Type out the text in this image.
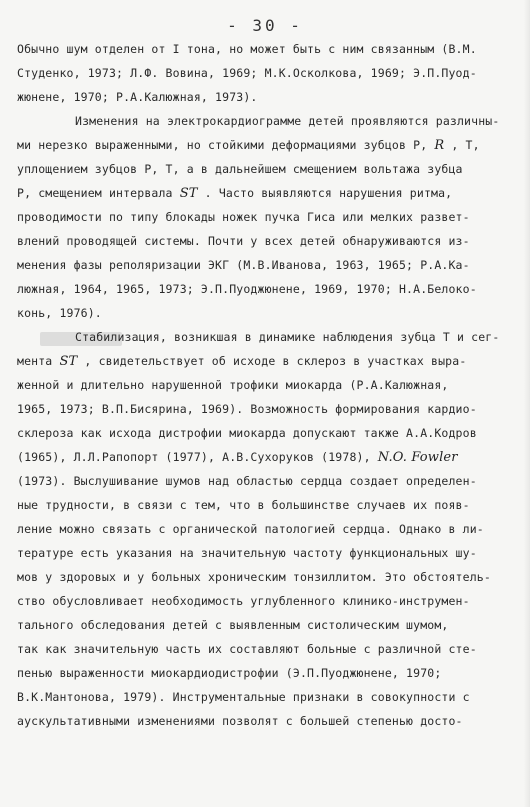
- 30 -
Обычно шум отделен от I тона, но может быть с ним связанным (В.М.
Студенко, 1973; Л.Ф. Вовина, 1969; М.К.Осколкова, 1969; Э.П.Пуод-
жюнене, 1970; Р.А.Калюжная, 1973).
Изменения на электрокардиограмме детей проявляются различны-
ми нерезко выраженными, но стойкими деформациями зубцов P, R , T,
уплощением зубцов P, T, а в дальнейшем смещением вольтажа зубца
P, смещением интервала ST . Часто выявляются нарушения ритма,
проводимости по типу блокады ножек пучка Гиса или мелких развет-
влений проводящей системы. Почти у всех детей обнаруживаются из-
менения фазы реполяризации ЭКГ (М.В.Иванова, 1963, 1965; Р.А.Ка-
люжная, 1964, 1965, 1973; Э.П.Пуоджюнене, 1969, 1970; Н.А.Белоко-
конь, 1976).
Стабилизация, возникшая в динамике наблюдения зубца T и сег-
мента ST , свидетельствует об исходе в склероз в участках выра-
женной и длительно нарушенной трофики миокарда (Р.А.Калюжная,
1965, 1973; В.П.Бисярина, 1969). Возможность формирования кардио-
склероза как исхода дистрофии миокарда допускают также А.А.Кодров
(1965), Л.Л.Рапопорт (1977), А.В.Сухоруков (1978), N.O. Fowler
(1973). Выслушивание шумов над областью сердца создает определен-
ные трудности, в связи с тем, что в большинстве случаев их появ-
ление можно связать с органической патологией сердца. Однако в ли-
тературе есть указания на значительную частоту функциональных шу-
мов у здоровых и у больных хроническим тонзиллитом. Это обстоятель-
ство обусловливает необходимость углубленного клинико-инструмен-
тального обследования детей с выявленным систолическим шумом,
так как значительную часть их составляют больные с различной сте-
пенью выраженности миокардиодистрофии (Э.П.Пуоджюнене, 1970;
В.К.Мантонова, 1979). Инструментальные признаки в совокупности с
аускультативными изменениями позволят с большей степенью досто-
